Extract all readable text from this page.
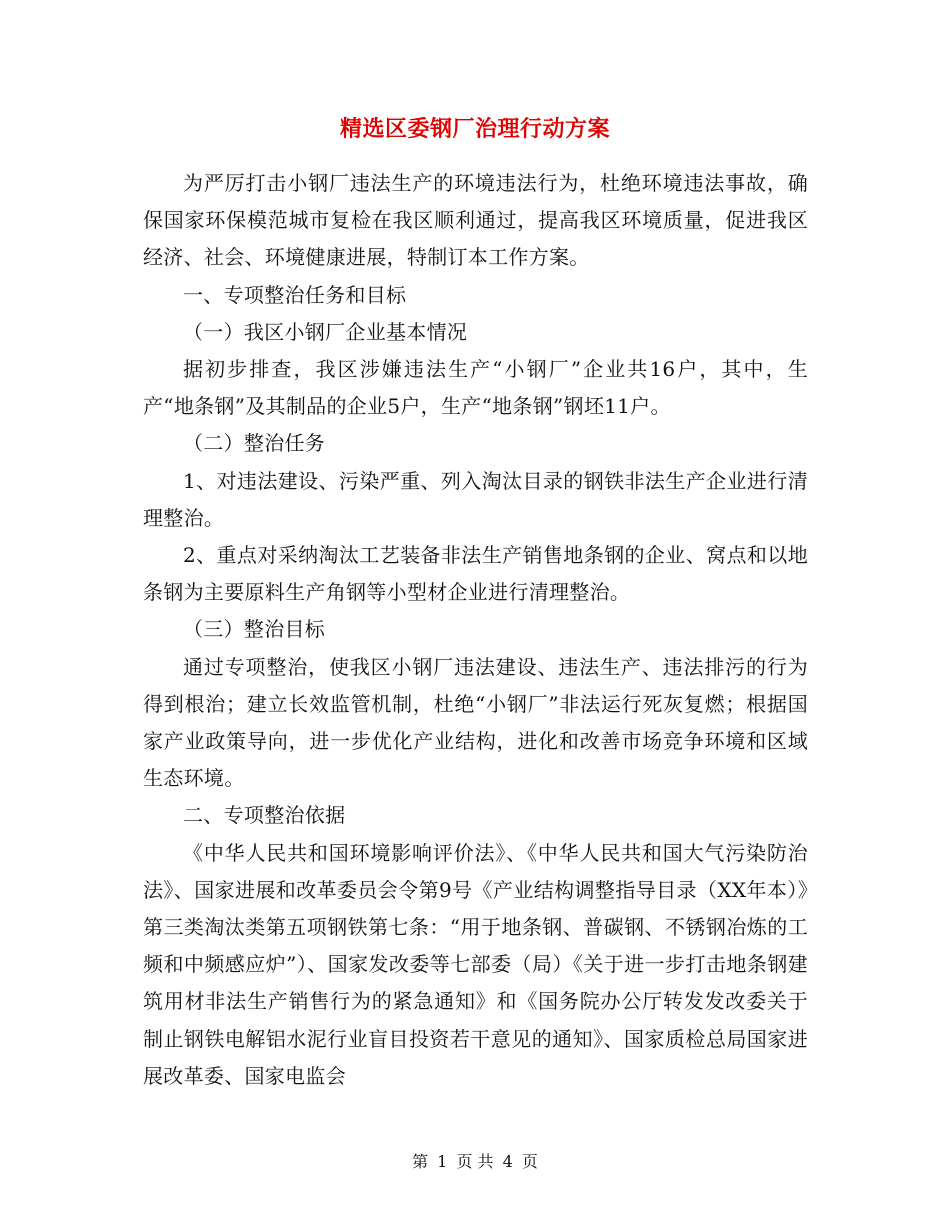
精选区委钢厂治理行动方案

为严厉打击小钢厂违法生产的环境违法行为，杜绝环境违法事故，确保国家环保模范城市复检在我区顺利通过，提高我区环境质量，促进我区经济、社会、环境健康进展，特制订本工作方案。

一、专项整治任务和目标

（一）我区小钢厂企业基本情况

据初步排查，我区涉嫌违法生产“小钢厂”企业共16户，其中，生产“地条钢”及其制品的企业5户，生产“地条钢”钢坯11户。

（二）整治任务

1、对违法建设、污染严重、列入淘汰目录的钢铁非法生产企业进行清理整治。

2、重点对采纳淘汰工艺装备非法生产销售地条钢的企业、窝点和以地条钢为主要原料生产角钢等小型材企业进行清理整治。

（三）整治目标

通过专项整治，使我区小钢厂违法建设、违法生产、违法排污的行为得到根治；建立长效监管机制，杜绝“小钢厂”非法运行死灰复燃；根据国家产业政策导向，进一步优化产业结构，进化和改善市场竞争环境和区域生态环境。

二、专项整治依据

《中华人民共和国环境影响评价法》、《中华人民共和国大气污染防治法》、国家进展和改革委员会令第9号《产业结构调整指导目录（XX年本）》第三类淘汰类第五项钢铁第七条：“用于地条钢、普碳钢、不锈钢冶炼的工频和中频感应炉”）、国家发改委等七部委（局）《关于进一步打击地条钢建筑用材非法生产销售行为的紧急通知》和《国务院办公厅转发发改委关于制止钢铁电解铝水泥行业盲目投资若干意见的通知》、国家质检总局国家进展改革委、国家电监会

第 1 页 共 4 页
